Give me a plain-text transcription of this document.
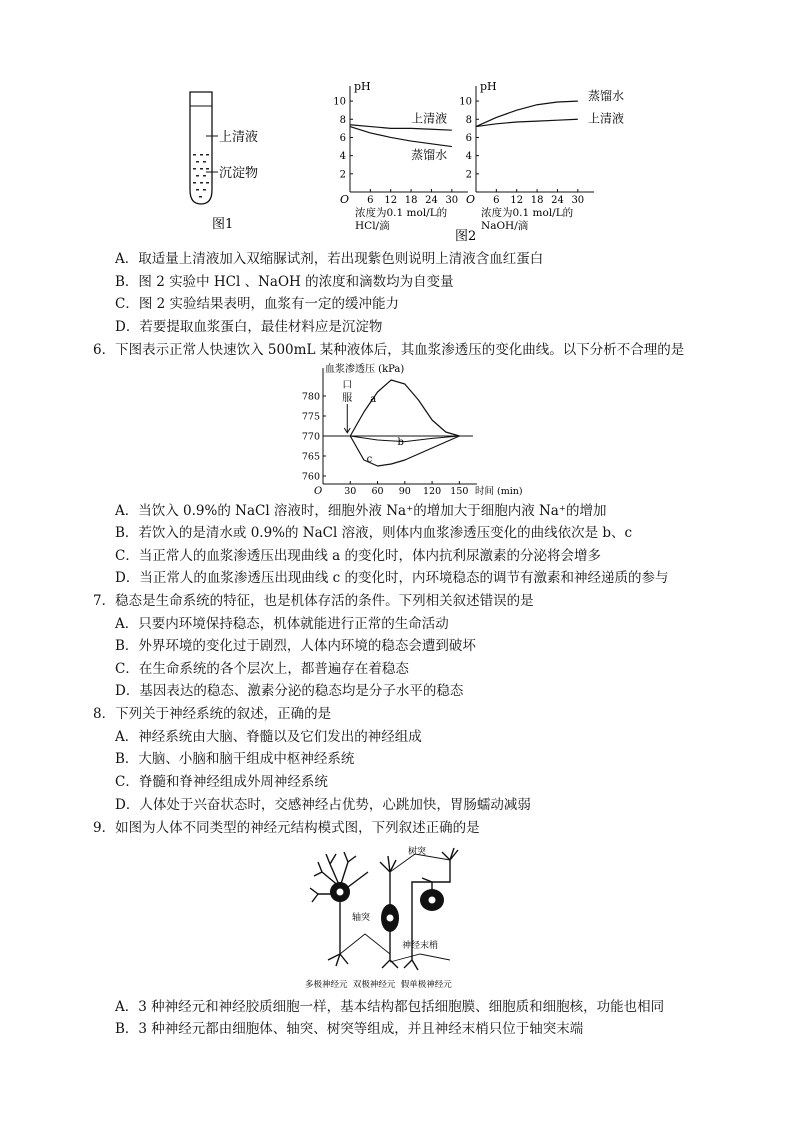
上清液
沉淀物
图1
pH
O
2
4
6
8
10
6 12 18 24 30
浓度为0.1 mol/L的
HCl/滴
上清液
蒸馏水
pH
O
2
4
6
8
10
6 12 18 24 30
浓度为0.1 mol/L的
NaOH/滴
蒸馏水
上清液
图2
A．取适量上清液加入双缩脲试剂，若出现紫色则说明上清液含血红蛋白
B．图 2 实验中 HCl 、NaOH 的浓度和滴数均为自变量
C．图 2 实验结果表明，血浆有一定的缓冲能力
D．若要提取血浆蛋白，最佳材料应是沉淀物
6．下图表示正常人快速饮入 500mL 某种液体后，其血浆渗透压的变化曲线。以下分析不合理的是
血浆渗透压 (kPa)
O	时间 (min)
760
765
770
775
780
30 60 90 120 150
口
服 a
b
c
A．当饮入 0.9%的 NaCl 溶液时，细胞外液 Na⁺的增加大于细胞内液 Na⁺的增加
B．若饮入的是清水或 0.9%的 NaCl 溶液，则体内血浆渗透压变化的曲线依次是 b、c
C．当正常人的血浆渗透压出现曲线 a 的变化时，体内抗利尿激素的分泌将会增多
D．当正常人的血浆渗透压出现曲线 c 的变化时，内环境稳态的调节有激素和神经递质的参与
7．稳态是生命系统的特征，也是机体存活的条件。下列相关叙述错误的是
A．只要内环境保持稳态，机体就能进行正常的生命活动
B．外界环境的变化过于剧烈，人体内环境的稳态会遭到破坏
C．在生命系统的各个层次上，都普遍存在着稳态
D．基因表达的稳态、激素分泌的稳态均是分子水平的稳态
8．下列关于神经系统的叙述，正确的是
A．神经系统由大脑、脊髓以及它们发出的神经组成
B．大脑、小脑和脑干组成中枢神经系统
C．脊髓和脊神经组成外周神经系统
D．人体处于兴奋状态时，交感神经占优势，心跳加快，胃肠蠕动减弱
9．如图为人体不同类型的神经元结构模式图，下列叙述正确的是
树突
轴突
神经末梢
多极神经元  双极神经元  假单极神经元
A．3 种神经元和神经胶质细胞一样，基本结构都包括细胞膜、细胞质和细胞核，功能也相同
B．3 种神经元都由细胞体、轴突、树突等组成，并且神经末梢只位于轴突末端
